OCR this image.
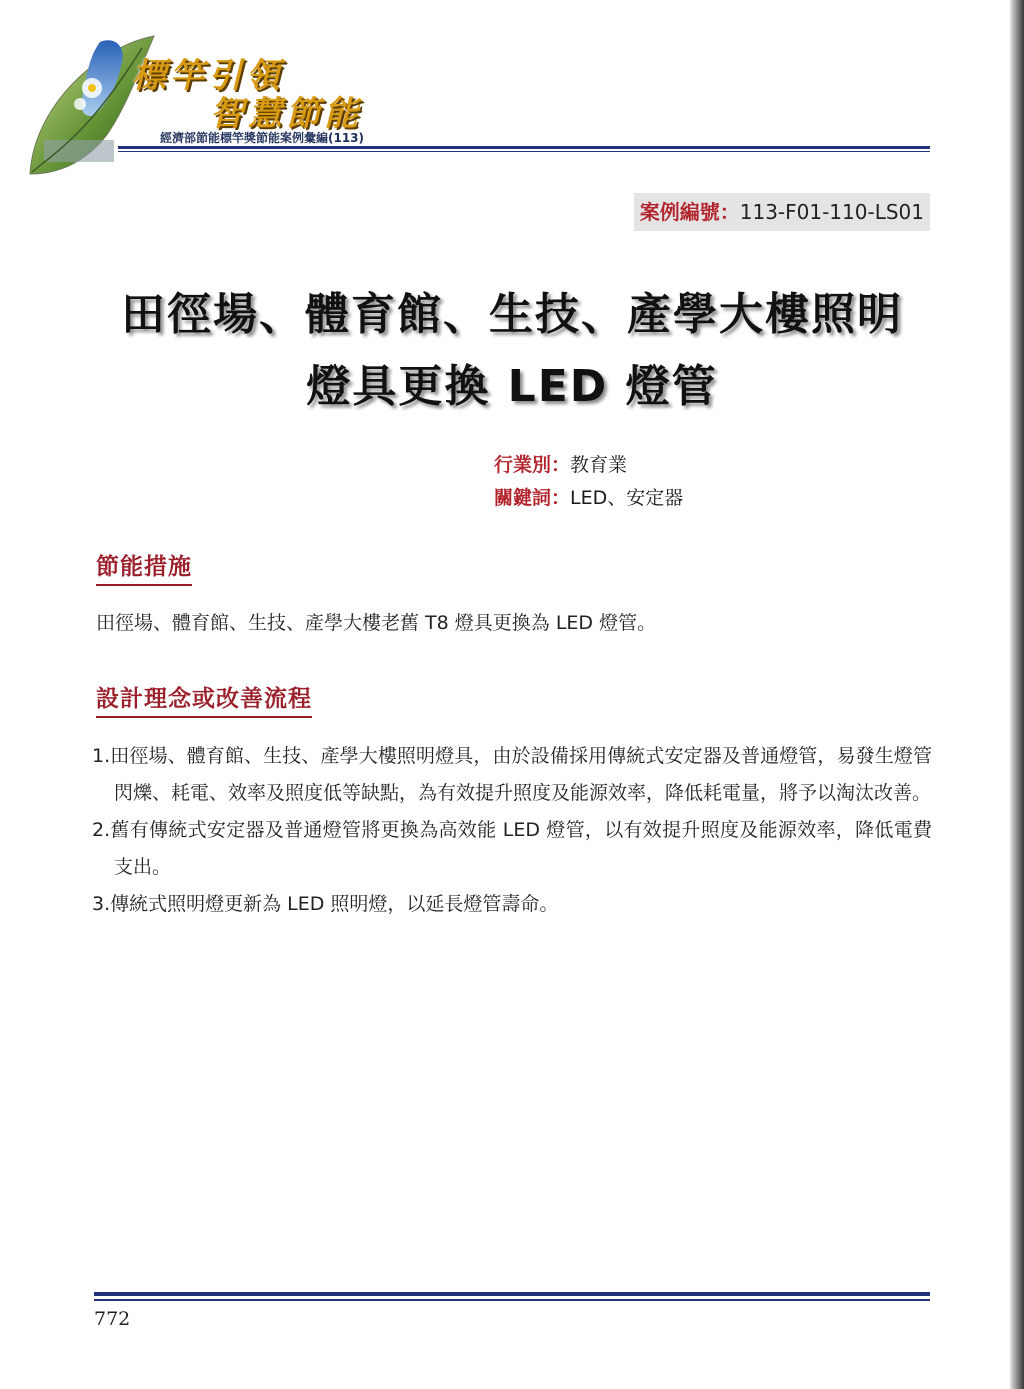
標竿引領
智慧節能
經濟部節能標竿獎節能案例彙編(113)
案例編號：113-F01-110-LS01
田徑場、體育館、生技、產學大樓照明
燈具更換 LED 燈管
行業別：教育業
關鍵詞：LED、安定器
節能措施
田徑場、體育館、生技、產學大樓老舊 T8 燈具更換為 LED 燈管。
設計理念或改善流程
1.田徑場、體育館、生技、產學大樓照明燈具，由於設備採用傳統式安定器及普通燈管，易發生燈管閃爍、耗電、效率及照度低等缺點，為有效提升照度及能源效率，降低耗電量，將予以淘汰改善。
2.舊有傳統式安定器及普通燈管將更換為高效能 LED 燈管，以有效提升照度及能源效率，降低電費支出。
3.傳統式照明燈更新為 LED 照明燈，以延長燈管壽命。
772
